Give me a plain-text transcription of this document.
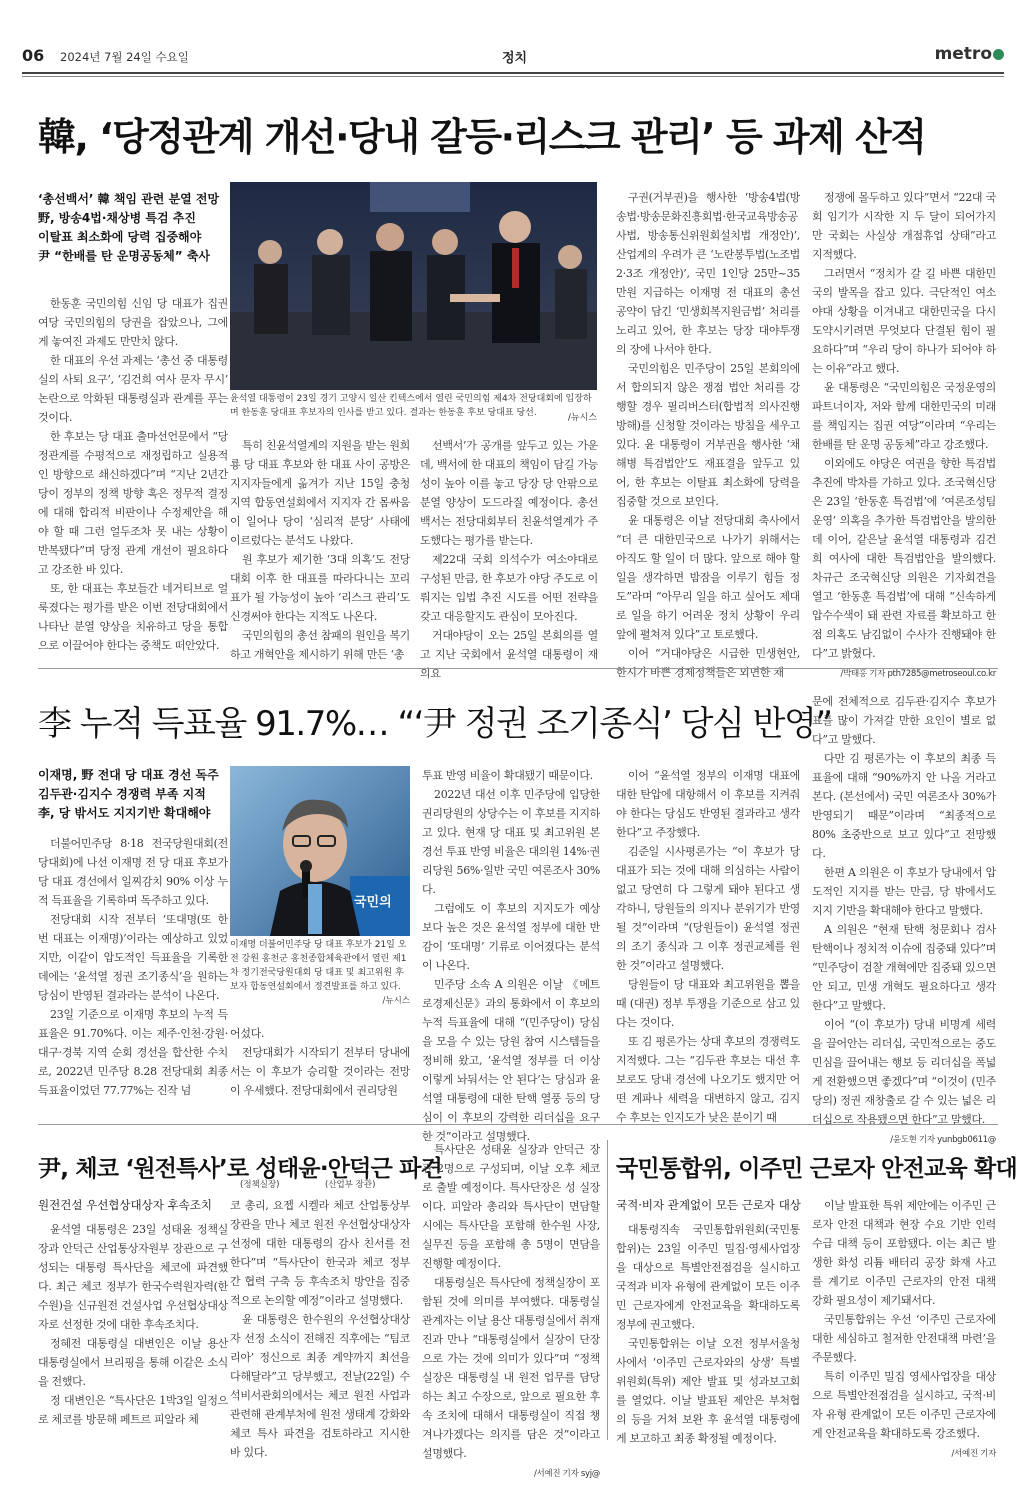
06 2024년 7월 24일 수요일	정치	metro
韓, ‘당정관계 개선·당내 갈등·리스크 관리’ 등 과제 산적
‘총선백서’ 韓 책임 관련 분열 전망
野, 방송4법·채상병 특검 추진
이탈표 최소화에 당력 집중해야
尹 “한배를 탄 운명공동체” 축사
윤석열 대통령이 23일 경기 고양시 일산 킨텍스에서 열린 국민의힘 제4차 전당대회에 입장하며 한동훈 당대표 후보자의 인사를 받고 있다. 결과는 한동훈 후보 당대표 당선.	/뉴시스

한동훈 국민의힘 신임 당 대표가 집권여당 국민의힘의 당권을 잡았으나, 그에게 놓여진 과제도 만만치 않다.

한 대표의 우선 과제는 ‘총선 중 대통령실의 사퇴 요구’, ‘김건희 여사 문자 무시’ 논란으로 악화된 대통령실과 관계를 푸는 것이다.

한 후보는 당 대표 출마선언문에서 “당정관계를 수평적으로 재정립하고 실용적인 방향으로 쇄신하겠다”며 “지난 2년간 당이 정부의 정책 방향 혹은 정무적 결정에 대해 합리적 비판이나 수정제안을 해야 할 때 그런 얼두조차 못 내는 상황이 반복됐다”며 당정 관계 개선이 필요하다고 강조한 바 있다.

또, 한 대표는 후보들간 네거티브로 얼룩졌다는 평가를 받은 이번 전당대회에서 나타난 분열 양상을 치유하고 당을 통합으로 이끌어야 한다는 중책도 떠안았다.

특히 친윤석열계의 지원을 받는 원희룡 당 대표 후보와 한 대표 사이 공방은 지지자들에게 옮겨가 지난 15일 충청 지역 합동연설회에서 지지자 간 몸싸움이 일어나 당이 ‘심리적 분당’ 사태에 이르렀다는 분석도 나왔다.

원 후보가 제기한 ‘3대 의혹’도 전당대회 이후 한 대표를 따라다니는 꼬리표가 될 가능성이 높아 ‘리스크 관리’도 신경써야 한다는 지적도 나온다.

국민의힘의 총선 참패의 원인을 복기하고 개혁안을 제시하기 위해 만든 ‘총

선백서’가 공개를 앞두고 있는 가운데, 백서에 한 대표의 책임이 담길 가능성이 높아 이를 놓고 당장 당 안팎으로 분열 양상이 도드라질 예정이다. 총선백서는 전당대회부터 친윤석열계가 주도했다는 평가를 받는다.

제22대 국회 의석수가 여소야대로 구성된 만큼, 한 후보가 야당 주도로 이뤄지는 입법 추진 시도를 어떤 전략을 갖고 대응할지도 관심이 모아진다.

거대야당이 오는 25일 본회의를 열고 지난 국회에서 윤석열 대통령이 재의요

구권(거부권)을 행사한 ‘방송4법(방송법·방송문화진흥회법·한국교육방송공사법, 방송통신위원회설치법 개정안)’, 산업계의 우려가 큰 ‘노란봉투법(노조법 2·3조 개정안)’, 국민 1인당 25만~35만원 지급하는 이재명 전 대표의 총선 공약이 담긴 ‘민생회복지원금법’ 처리를 노리고 있어, 한 후보는 당장 대야투쟁의 장에 나서야 한다.

국민의힘은 민주당이 25일 본회의에서 합의되지 않은 쟁점 법안 처리를 강행할 경우 필리버스터(합법적 의사진행 방해)를 신청할 것이라는 방침을 세우고 있다. 윤 대통령이 거부권을 행사한 ‘채 해병 특검법안’도 재표결을 앞두고 있어, 한 후보는 이탈표 최소화에 당력을 집중할 것으로 보인다.

윤 대통령은 이날 전당대회 축사에서 “더 큰 대한민국으로 나가기 위해서는 아직도 할 일이 더 많다. 앞으로 해야 할 일을 생각하면 밤잠을 이루기 힘들 정도”라며 “아무리 일을 하고 싶어도 제대로 일을 하기 어려운 정치 상황이 우리 앞에 펼쳐져 있다”고 토로했다.

이어 “거대야당은 시급한 민생현안, 한시가 바쁜 경제정책들은 외면한 채

정쟁에 몰두하고 있다”면서 “22대 국회 임기가 시작한 지 두 달이 되어가지만 국회는 사실상 개점휴업 상태”라고 지적했다.

그러면서 “정치가 갈 길 바쁜 대한민국의 발목을 잡고 있다. 극단적인 여소야대 상황을 이겨내고 대한민국을 다시 도약시키려면 무엇보다 단결된 힘이 필요하다”며 “우리 당이 하나가 되어야 하는 이유”라고 했다.

윤 대통령은 “국민의힘은 국정운영의 파트너이자, 저와 함께 대한민국의 미래를 책임지는 집권 여당”이라며 “우리는 한배를 탄 운명 공동체”라고 강조했다.

이외에도 야당은 여권을 향한 특검법 추진에 박차를 가하고 있다. 조국혁신당은 23일 ‘한동훈 특검법’에 ‘여론조성팀 운영’ 의혹을 추가한 특검법안을 발의한 데 이어, 같은날 윤석열 대통령과 김건희 여사에 대한 특검법안을 발의했다. 차규근 조국혁신당 의원은 기자회견을 열고 ‘한동훈 특검법’에 대해 “신속하게 압수수색이 돼 관련 자료를 확보하고 한 점 의혹도 남김없이 수사가 진행돼야 한다”고 밝혔다.

/박태홍 기자 pth7285@metroseoul.co.kr
李 누적 득표율 91.7%… “‘尹 정권 조기종식’ 당심 반영”
이재명, 野 전대 당 대표 경선 독주
김두관·김지수 경쟁력 부족 지적
李, 당 밖서도 지지기반 확대해야
국민의
이재명 더불어민주당 당 대표 후보가 21일 오전 강원 홍천군 홍천종합체육관에서 열린 제1차 정기전국당원대회 당 대표 및 최고위원 후보자 합동연설회에서 정견발표를 하고 있다.
/뉴시스

더불어민주당 8·18 전국당원대회(전당대회)에 나선 이재명 전 당 대표 후보가 당 대표 경선에서 일찌감치 90% 이상 누적 득표율을 기록하며 독주하고 있다.

전당대회 시작 전부터 ‘또대명(또 한 번 대표는 이재명)’이라는 예상하고 있었지만, 이같이 압도적인 득표율을 기록한 데에는 ‘윤석열 정권 조기종식’을 원하는 당심이 반영된 결과라는 분석이 나온다.

23일 기준으로 이재명 후보의 누적 득표율은 91.70%다. 이는 제주·인천·강원·대구·경북 지역 순회 경선을 합산한 수치로, 2022년 민주당 8.28 전당대회 최종 득표율이었던 77.77%는 진작 넘

어섰다.

전당대회가 시작되기 전부터 당내에서는 이 후보가 승리할 것이라는 전망이 우세했다. 전당대회에서 권리당원

투표 반영 비율이 확대됐기 때문이다.

2022년 대선 이후 민주당에 입당한 권리당원의 상당수는 이 후보를 지지하고 있다. 현재 당 대표 및 최고위원 본 경선 투표 반영 비율은 대의원 14%·권리당원 56%·일반 국민 여론조사 30%다.

그럼에도 이 후보의 지지도가 예상보다 높은 것은 윤석열 정부에 대한 반감이 ‘또대명’ 기류로 이어졌다는 분석이 나온다.

민주당 소속 A 의원은 이날 《메트로경제신문》과의 통화에서 이 후보의 누적 득표율에 대해 “(민주당이) 당심을 모을 수 있는 당원 참여 시스템들을 정비해 왔고, ‘윤석열 정부를 더 이상 이렇게 놔둬서는 안 된다’는 당심과 윤석열 대통령에 대한 탄핵 열풍 등의 당심이 이 후보의 강력한 리더십을 요구한 것”이라고 설명했다.

이어 “윤석열 정부의 이재명 대표에 대한 탄압에 대항해서 이 후보를 지켜줘야 한다는 당심도 반영된 결과라고 생각한다”고 주장했다.

김준일 시사평론가는 “이 후보가 당 대표가 되는 것에 대해 의심하는 사람이 없고 당연히 다 그렇게 돼야 된다고 생각하니, 당원들의 의지나 분위기가 반영될 것”이라며 “(당원들이) 윤석열 정권의 조기 종식과 그 이후 정권교체를 원한 것”이라고 설명했다.

당원들이 당 대표와 최고위원을 뽑을 때 (대권) 정부 투쟁을 기준으로 삼고 있다는 것이다.

또 김 평론가는 상대 후보의 경쟁력도 지적했다. 그는 “김두관 후보는 대선 후보로도 당내 경선에 나오기도 했지만 어떤 계파나 세력을 대변하지 않고, 김지수 후보는 인지도가 낮은 분이기 때

문에 전체적으로 김두관·김지수 후보가 표를 많이 가져갈 만한 요인이 별로 없다”고 말했다.

다만 김 평론가는 이 후보의 최종 득표율에 대해 “90%까지 안 나올 거라고 본다. (본선에서) 국민 여론조사 30%가 반영되기 때문”이라며 “최종적으로 80% 초중반으로 보고 있다”고 전망했다.

한편 A 의원은 이 후보가 당내에서 압도적인 지지를 받는 만큼, 당 밖에서도 지지 기반을 확대해야 한다고 말했다.

A 의원은 “현재 탄핵 청문회나 검사 탄핵이나 정치적 이슈에 집중돼 있다”며 “민주당이 검찰 개혁에만 집중돼 있으면 안 되고, 민생 개혁도 필요하다고 생각한다”고 말했다.

이어 “(이 후보가) 당내 비명계 세력을 끌어안는 리더십, 국민적으로는 중도 민심을 끌어내는 행보 등 리더십을 폭넓게 전환했으면 좋겠다”며 “이것이 (민주당의) 정권 재창출로 갈 수 있는 넓은 리더십으로 작용됐으면 한다”고 말했다.

/윤도현 기자 yunbgb0611@
尹, 체코 ‘원전특사’로 성태윤·안덕근 파견
(정책실장)	(산업부 장관)
원전건설 우선협상대상자 후속조치

윤석열 대통령은 23일 성태윤 정책실장과 안덕근 산업통상자원부 장관으로 구성되는 대통령 특사단을 체코에 파견했다. 최근 체코 정부가 한국수력원자력(한수원)을 신규원전 건설사업 우선협상대상자로 선정한 것에 대한 후속조치다.

정혜전 대통령실 대변인은 이날 용산 대통령실에서 브리핑을 통해 이같은 소식을 전했다.

정 대변인은 “특사단은 1박3일 일정으로 체코를 방문해 페트르 피알라 체

코 총리, 요젭 시켈라 체코 산업통상부 장관을 만나 체코 원전 우선협상대상자 선정에 대한 대통령의 감사 친서를 전한다”며 “특사단이 한국과 체코 정부 간 협력 구축 등 후속조치 방안을 집중적으로 논의할 예정”이라고 설명했다.

윤 대통령은 한수원의 우선협상대상자 선정 소식이 전해진 직후에는 “팀코리아’ 정신으로 최종 계약까지 최선을 다해달라”고 당부했고, 전날(22일) 수석비서관회의에서는 체코 원전 사업과 관련해 관계부처에 원전 생태계 강화와 체코 특사 파견을 검토하라고 지시한 바 있다.

특사단은 성태윤 실장과 안덕근 장관 2명으로 구성되며, 이날 오후 체코로 출발 예정이다. 특사단장은 성 실장이다. 피알라 총리와 특사단이 면담할 시에는 특사단을 포함해 한수원 사장, 실무진 등을 포함해 총 5명이 면담을 진행할 예정이다.

대통령실은 특사단에 정책실장이 포함된 것에 의미를 부여했다. 대통령실 관계자는 이날 용산 대통령실에서 취재진과 만나 “대통령실에서 실장이 단장으로 가는 것에 의미가 있다”며 “정책실장은 대통령실 내 원전 업무를 담당하는 최고 수장으로, 앞으로 필요한 후속 조치에 대해서 대통령실이 직접 챙겨나가겠다는 의지를 담은 것”이라고 설명했다.

/서예진 기자 syj@
국민통합위, 이주민 근로자 안전교육 확대
국적·비자 관계없이 모든 근로자 대상

대통령직속 국민통합위원회(국민통합위)는 23일 이주민 밀집·영세사업장을 대상으로 특별안전점검을 실시하고 국적과 비자 유형에 관계없이 모든 이주민 근로자에게 안전교육을 확대하도록 정부에 권고했다.

국민통합위는 이날 오전 정부서울청사에서 ‘이주민 근로자와의 상생’ 특별위원회(특위) 제안 발표 및 성과보고회를 열었다. 이날 발표된 제안은 부처협의 등을 거쳐 보완 후 윤석열 대통령에게 보고하고 최종 확정될 예정이다.

이날 발표한 특위 제안에는 이주민 근로자 안전 대책과 현장 수요 기반 인력 수급 대책 등이 포함됐다. 이는 최근 발생한 화성 리튬 배터리 공장 화재 사고를 계기로 이주민 근로자의 안전 대책 강화 필요성이 제기돼서다.

국민통합위는 우선 ‘이주민 근로자에 대한 세심하고 철저한 안전대책 마련’을 주문했다.

특히 이주민 밀집 영세사업장을 대상으로 특별안전점검을 실시하고, 국적·비자 유형 관계없이 모든 이주민 근로자에게 안전교육을 확대하도록 강조했다.

/서예진 기자
